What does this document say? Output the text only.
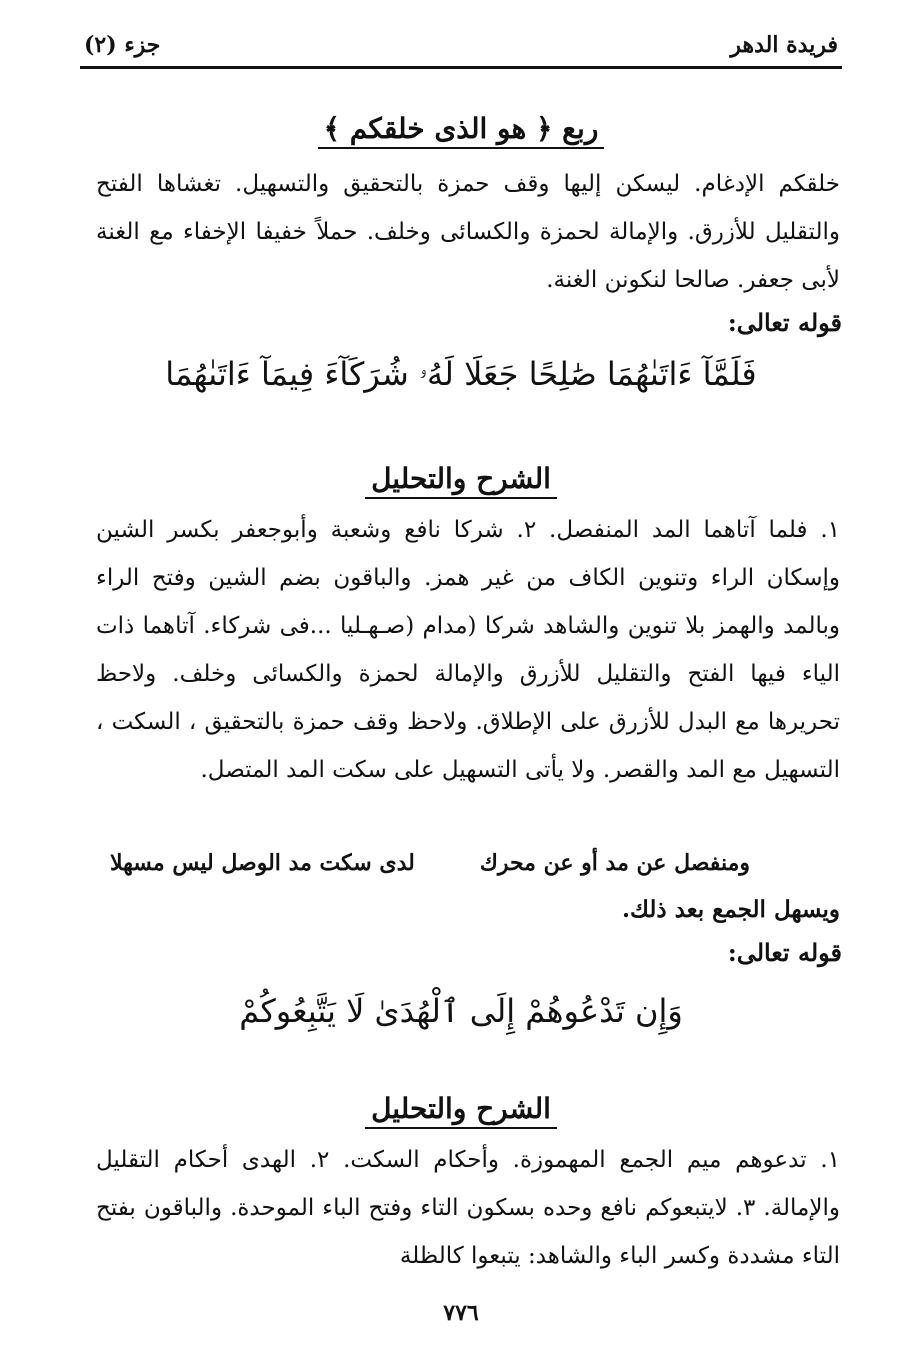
فريدة الدهر
جزء (٢)
ربع ﴿ هو الذى خلقكم ﴾
خلقكم الإدغام. ليسكن إليها وقف حمزة بالتحقيق والتسهيل. تغشاها الفتح والتقليل للأزرق. والإمالة لحمزة والكسائى وخلف. حملاً خفيفا الإخفاء مع الغنة لأبى جعفر. صالحا لنكونن الغنة.
قوله تعالى:
فَلَمَّآ ءَاتَىٰهُمَا صَٰلِحًا جَعَلَا لَهُۥ شُرَكَآءَ فِيمَآ ءَاتَىٰهُمَا
الشرح والتحليل
١. فلما آتاهما المد المنفصل. ٢. شركا نافع وشعبة وأبوجعفر بكسر الشين وإسكان الراء وتنوين الكاف من غير همز. والباقون بضم الشين وفتح الراء وبالمد والهمز بلا تنوين والشاهد شركا (مدام (صـهـليا ...فى شركاء. آتاهما ذات الياء فيها الفتح والتقليل للأزرق والإمالة لحمزة والكسائى وخلف. ولاحظ تحريرها مع البدل للأزرق على الإطلاق. ولاحظ وقف حمزة بالتحقيق ، السكت ، التسهيل مع المد والقصر. ولا يأتى التسهيل على سكت المد المتصل.
ومنفصل عن مد أو عن محرك
لدى سكت مد الوصل ليس مسهلا
ويسهل الجمع بعد ذلك.
قوله تعالى:
وَإِن تَدْعُوهُمْ إِلَى ٱلْهُدَىٰ لَا يَتَّبِعُوكُمْ
الشرح والتحليل
١. تدعوهم ميم الجمع المهموزة. وأحكام السكت. ٢. الهدى أحكام التقليل والإمالة. ٣. لايتبعوكم نافع وحده بسكون التاء وفتح الباء الموحدة. والباقون بفتح التاء مشددة وكسر الباء والشاهد: يتبعوا كالظلة
٧٧٦
